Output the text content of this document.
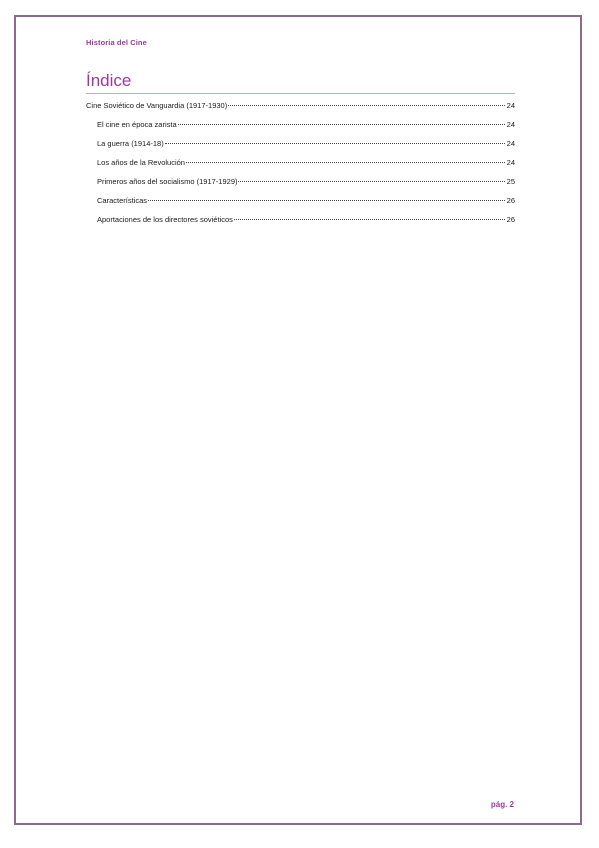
Historia del Cine
Índice
Cine Soviético de Vanguardia (1917-1930)	24
El cine en época zarista	24
La guerra (1914-18)	24
Los años de la Revolución	24
Primeros años del socialismo (1917-1929)	25
Características	26
Aportaciones de los directores soviéticos	26
pág. 2
